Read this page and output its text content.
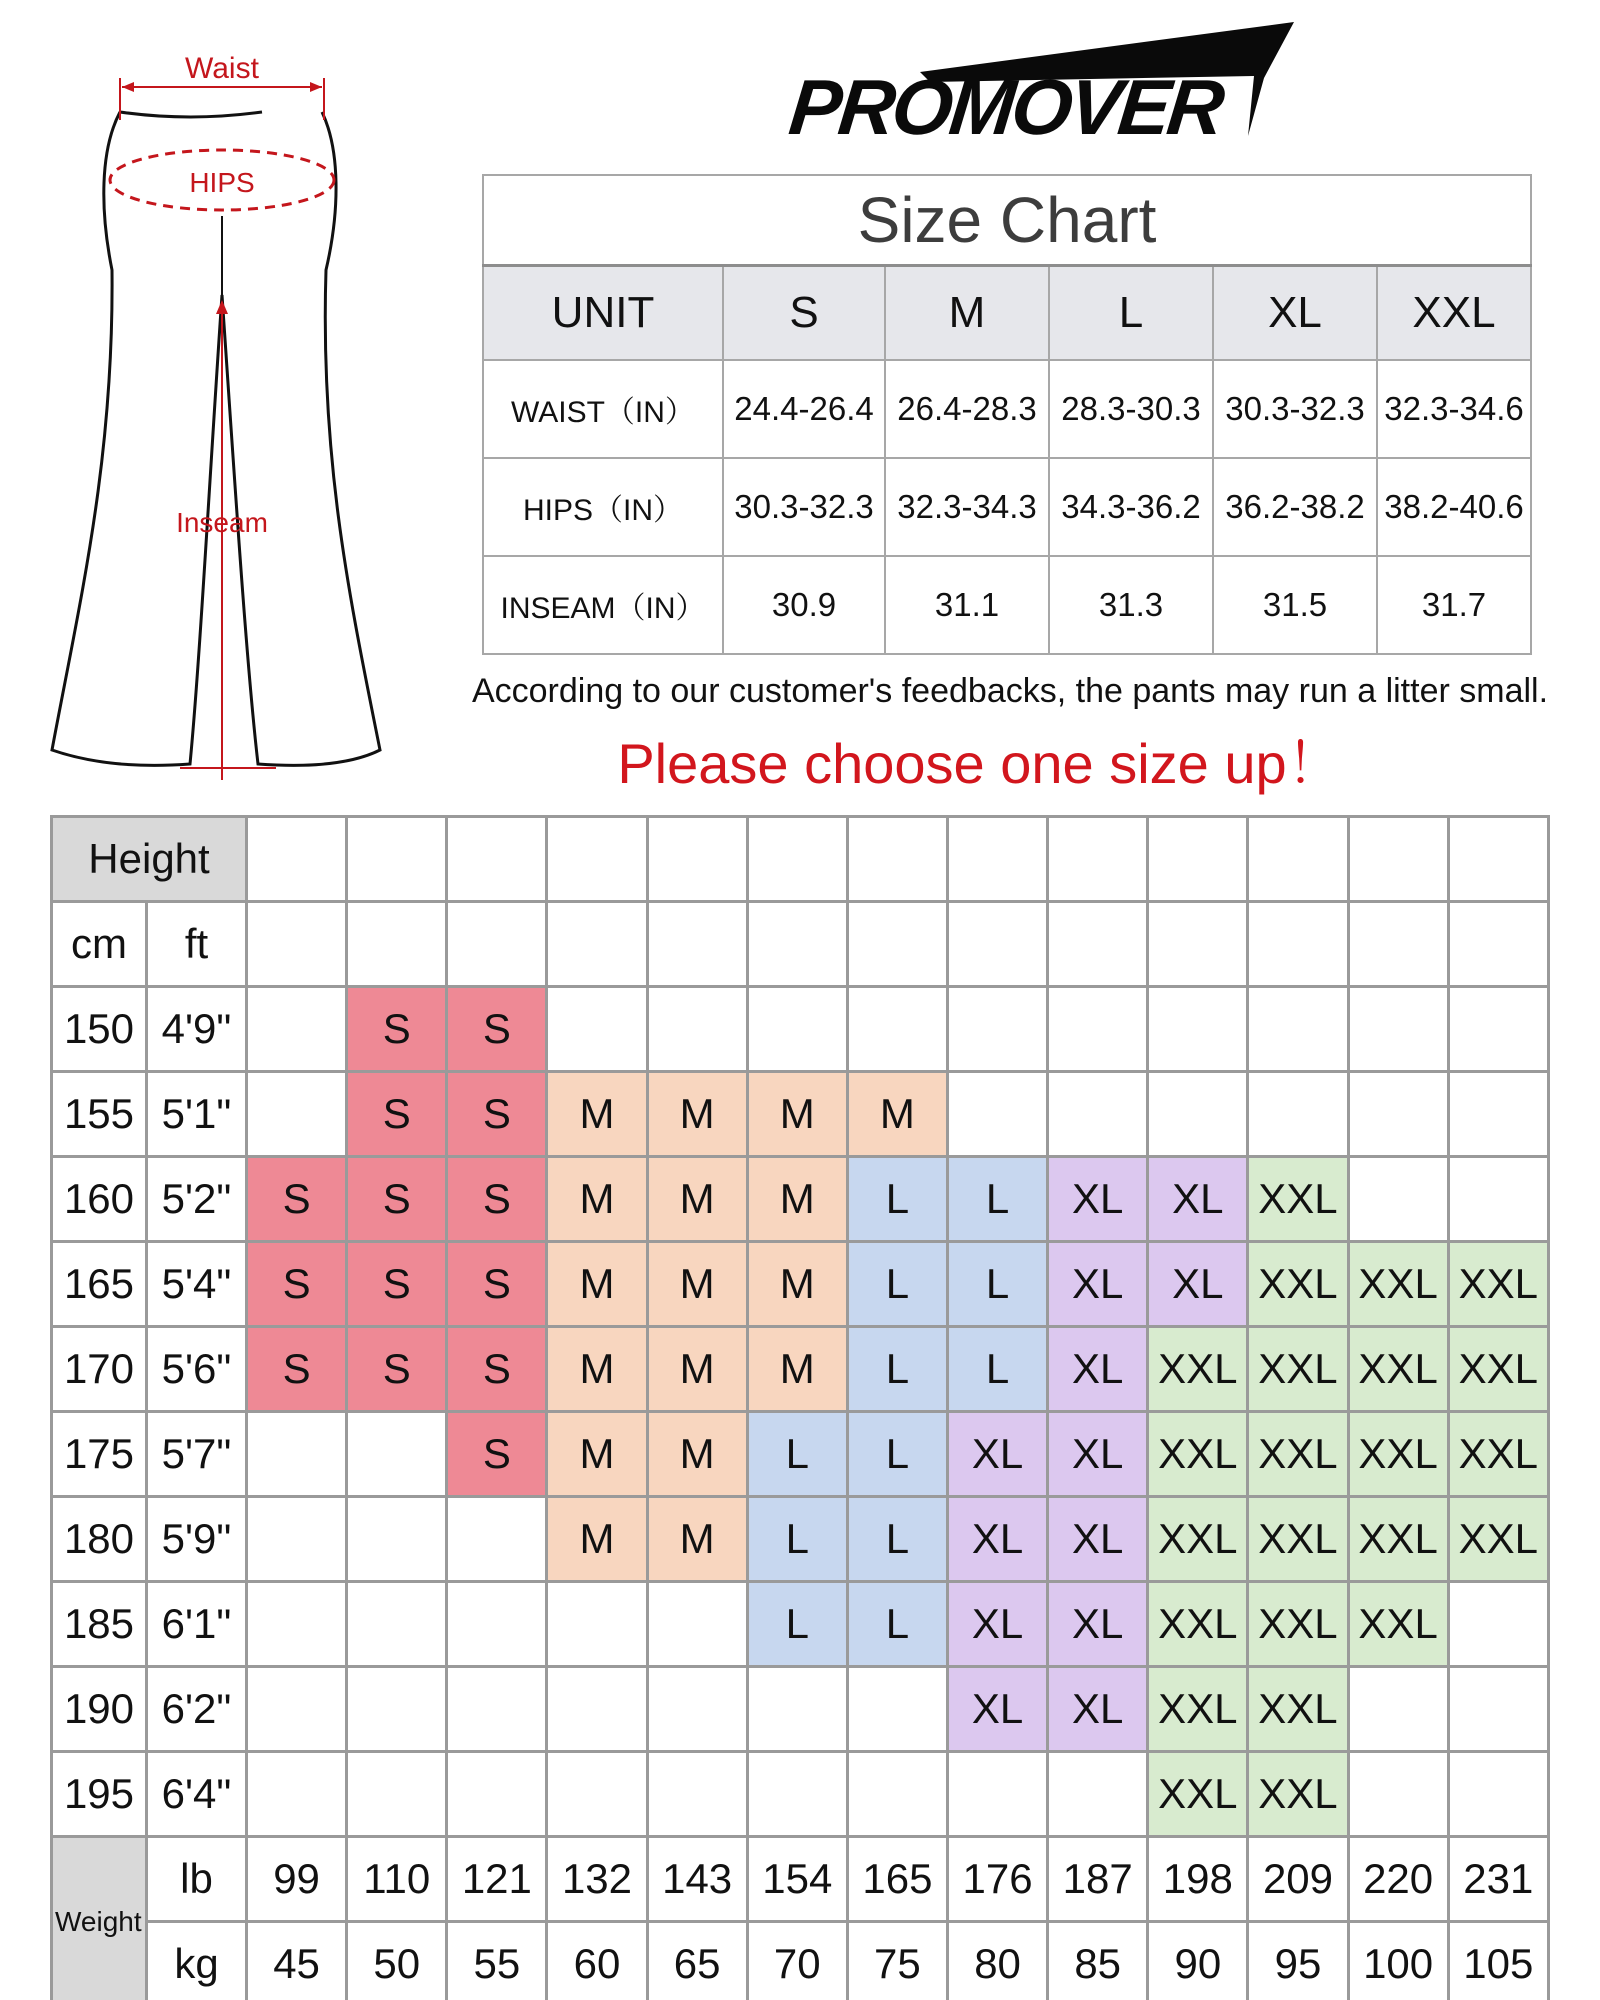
Waist
HIPS
Inseam
PROMOVER
Size Chart					
UNIT	S	M	L	XL	XXL
WAIST（IN）	24.4-26.4	26.4-28.3	28.3-30.3	30.3-32.3	32.3-34.6
HIPS（IN）	30.3-32.3	32.3-34.3	34.3-36.2	36.2-38.2	38.2-40.6
INSEAM（IN）	30.9	31.1	31.3	31.5	31.7
According to our customer's feedbacks, the pants may run a litter small.
Please choose one size up！
Height														
cm	ft													
150	4'9"		S	S										
155	5'1"		S	S	M	M	M	M						
160	5'2"	S	S	S	M	M	M	L	L	XL	XL	XXL		
165	5'4"	S	S	S	M	M	M	L	L	XL	XL	XXL	XXL	XXL
170	5'6"	S	S	S	M	M	M	L	L	XL	XXL	XXL	XXL	XXL
175	5'7"			S	M	M	L	L	XL	XL	XXL	XXL	XXL	XXL
180	5'9"				M	M	L	L	XL	XL	XXL	XXL	XXL	XXL
185	6'1"						L	L	XL	XL	XXL	XXL	XXL	
190	6'2"								XL	XL	XXL	XXL		
195	6'4"										XXL	XXL		
Weight	lb	99	110	121	132	143	154	165	176	187	198	209	220	231
	kg	45	50	55	60	65	70	75	80	85	90	95	100	105
